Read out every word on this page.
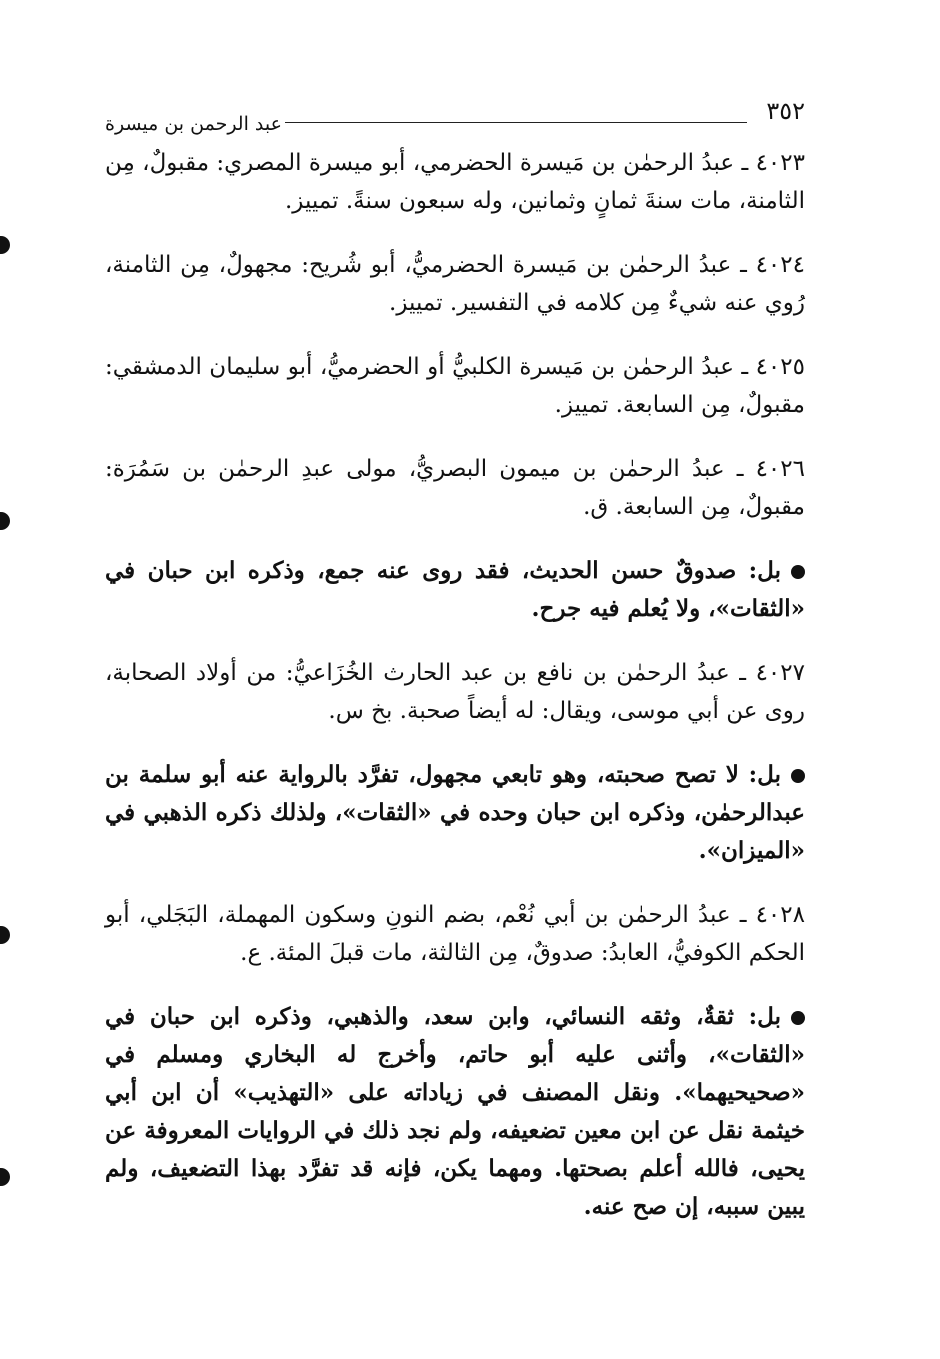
٣٥٢
عبد الرحمن بن ميسرة

٤٠٢٣ ـ عبدُ الرحمٰن بن مَيسرة الحضرمي، أبو ميسرة المصري: مقبولٌ، مِن الثامنة، مات سنةَ ثمانٍ وثمانين، وله سبعون سنةً. تمييز.

٤٠٢٤ ـ عبدُ الرحمٰن بن مَيسرة الحضرميُّ، أبو شُريح: مجهولٌ، مِن الثامنة، رُوي عنه شيءٌ مِن كلامه في التفسير. تمييز.

٤٠٢٥ ـ عبدُ الرحمٰن بن مَيسرة الكلبيُّ أو الحضرميُّ، أبو سليمان الدمشقي: مقبولٌ، مِن السابعة. تمييز.

٤٠٢٦ ـ عبدُ الرحمٰن بن ميمون البصريُّ، مولى عبدِ الرحمٰن بن سَمُرَة: مقبولٌ، مِن السابعة. ق.

بل: صدوقٌ حسن الحديث، فقد روى عنه جمع، وذكره ابن حبان في «الثقات»، ولا يُعلم فيه جرح.

٤٠٢٧ ـ عبدُ الرحمٰن بن نافع بن عبد الحارث الخُزَاعيُّ: من أولاد الصحابة، روى عن أبي موسى، ويقال: له أيضاً صحبة. بخ س.

بل: لا تصح صحبته، وهو تابعي مجهول، تفرَّد بالرواية عنه أبو سلمة بن عبدالرحمٰن، وذكره ابن حبان وحده في «الثقات»، ولذلك ذكره الذهبي في «الميزان».

٤٠٢٨ ـ عبدُ الرحمٰن بن أبي نُعْم، بضم النونِ وسكون المهملة، البَجَلي، أبو الحكم الكوفيُّ، العابدُ: صدوقٌ، مِن الثالثة، مات قبلَ المئة. ع.

بل: ثقةٌ، وثقه النسائي، وابن سعد، والذهبي، وذكره ابن حبان في «الثقات»، وأثنى عليه أبو حاتم، وأخرج له البخاري ومسلم في «صحيحيهما». ونقل المصنف في زياداته على «التهذيب» أن ابن أبي خيثمة نقل عن ابن معين تضعيفه، ولم نجد ذلك في الروايات المعروفة عن يحيى، فالله أعلم بصحتها. ومهما يكن، فإنه قد تفرَّد بهذا التضعيف، ولم يبين سببه، إن صح عنه.
